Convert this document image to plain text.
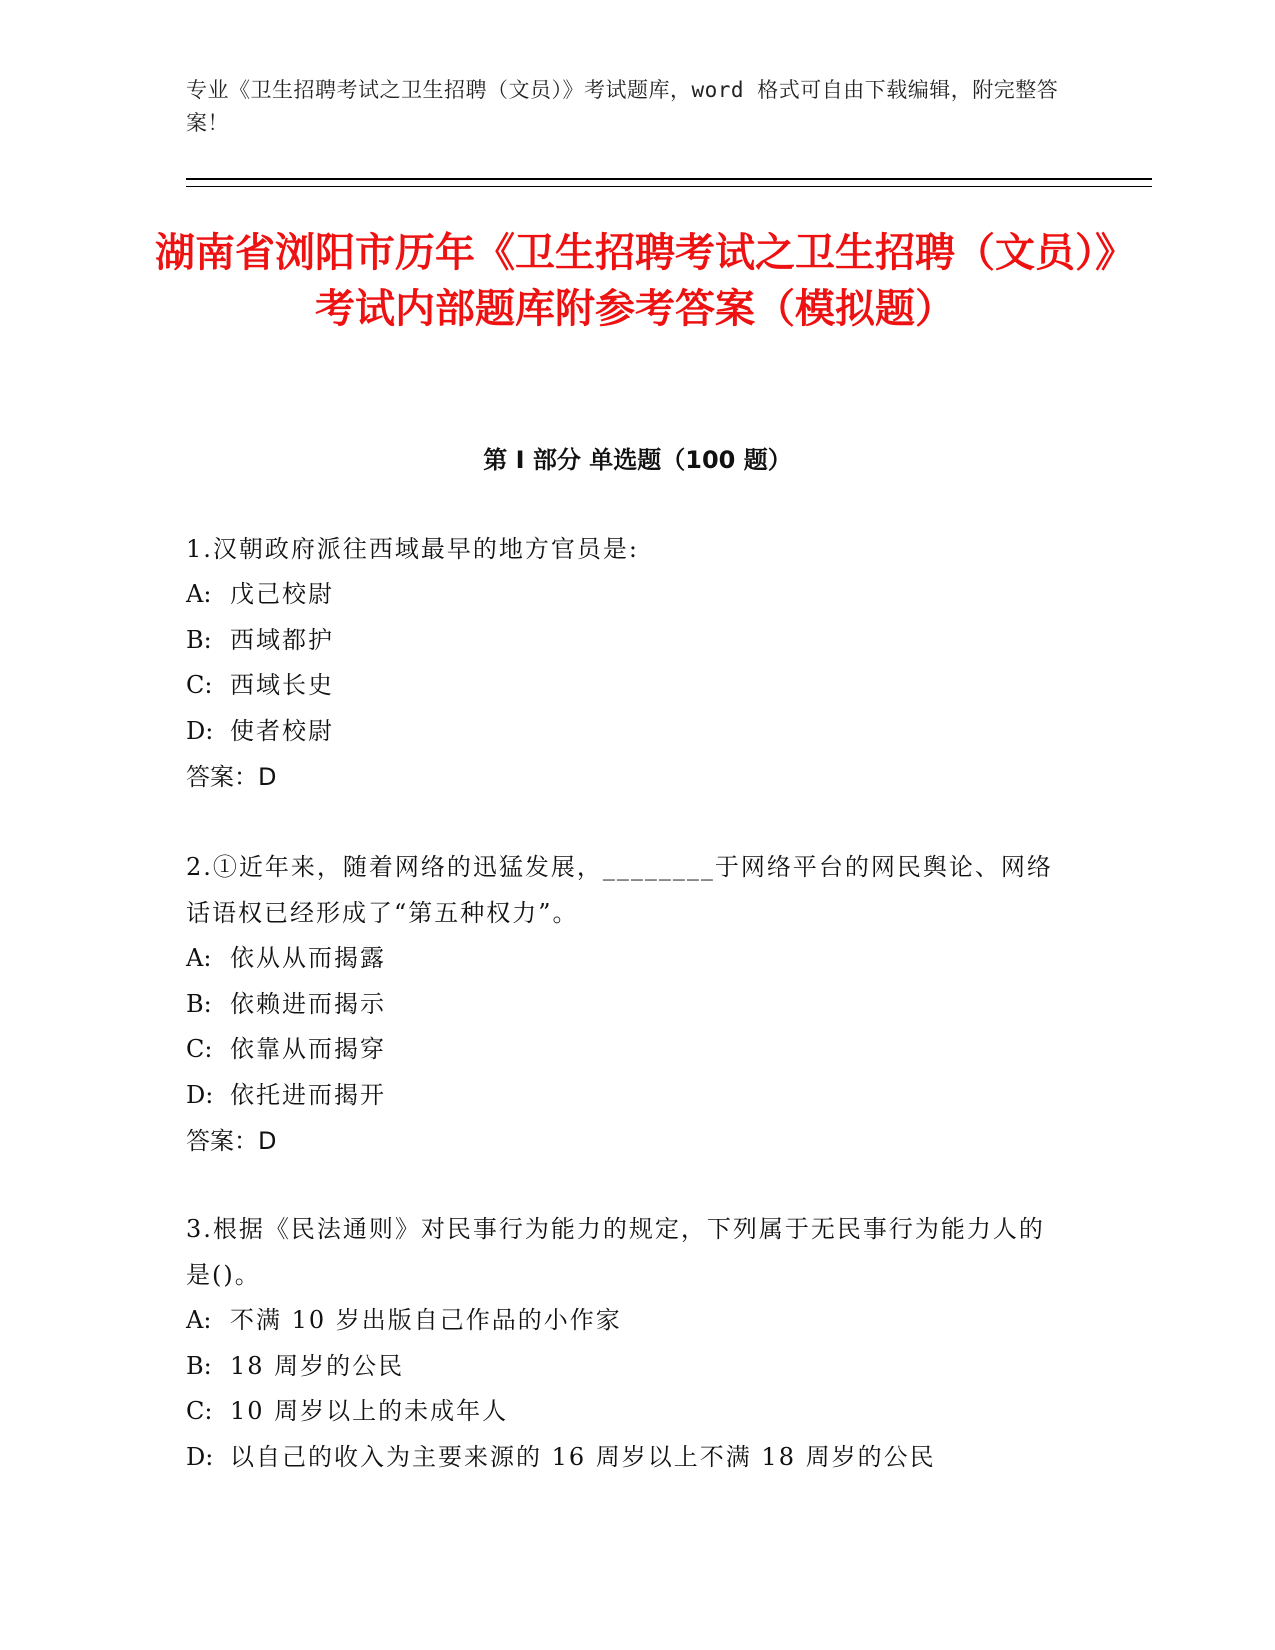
专业《卫生招聘考试之卫生招聘（文员）》考试题库，word 格式可自由下载编辑，附完整答案！
湖南省浏阳市历年《卫生招聘考试之卫生招聘（文员）》考试内部题库附参考答案（模拟题）
第 I 部分 单选题（100 题）
1.汉朝政府派往西域最早的地方官员是:
A: 戊己校尉
B: 西域都护
C: 西域长史
D: 使者校尉
答案：D
2.①近年来，随着网络的迅猛发展，________于网络平台的网民舆论、网络话语权已经形成了“第五种权力”。
A: 依从从而揭露
B: 依赖进而揭示
C: 依靠从而揭穿
D: 依托进而揭开
答案：D
3.根据《民法通则》对民事行为能力的规定，下列属于无民事行为能力人的是()。
A: 不满 10 岁出版自己作品的小作家
B: 18 周岁的公民
C: 10 周岁以上的未成年人
D: 以自己的收入为主要来源的 16 周岁以上不满 18 周岁的公民
